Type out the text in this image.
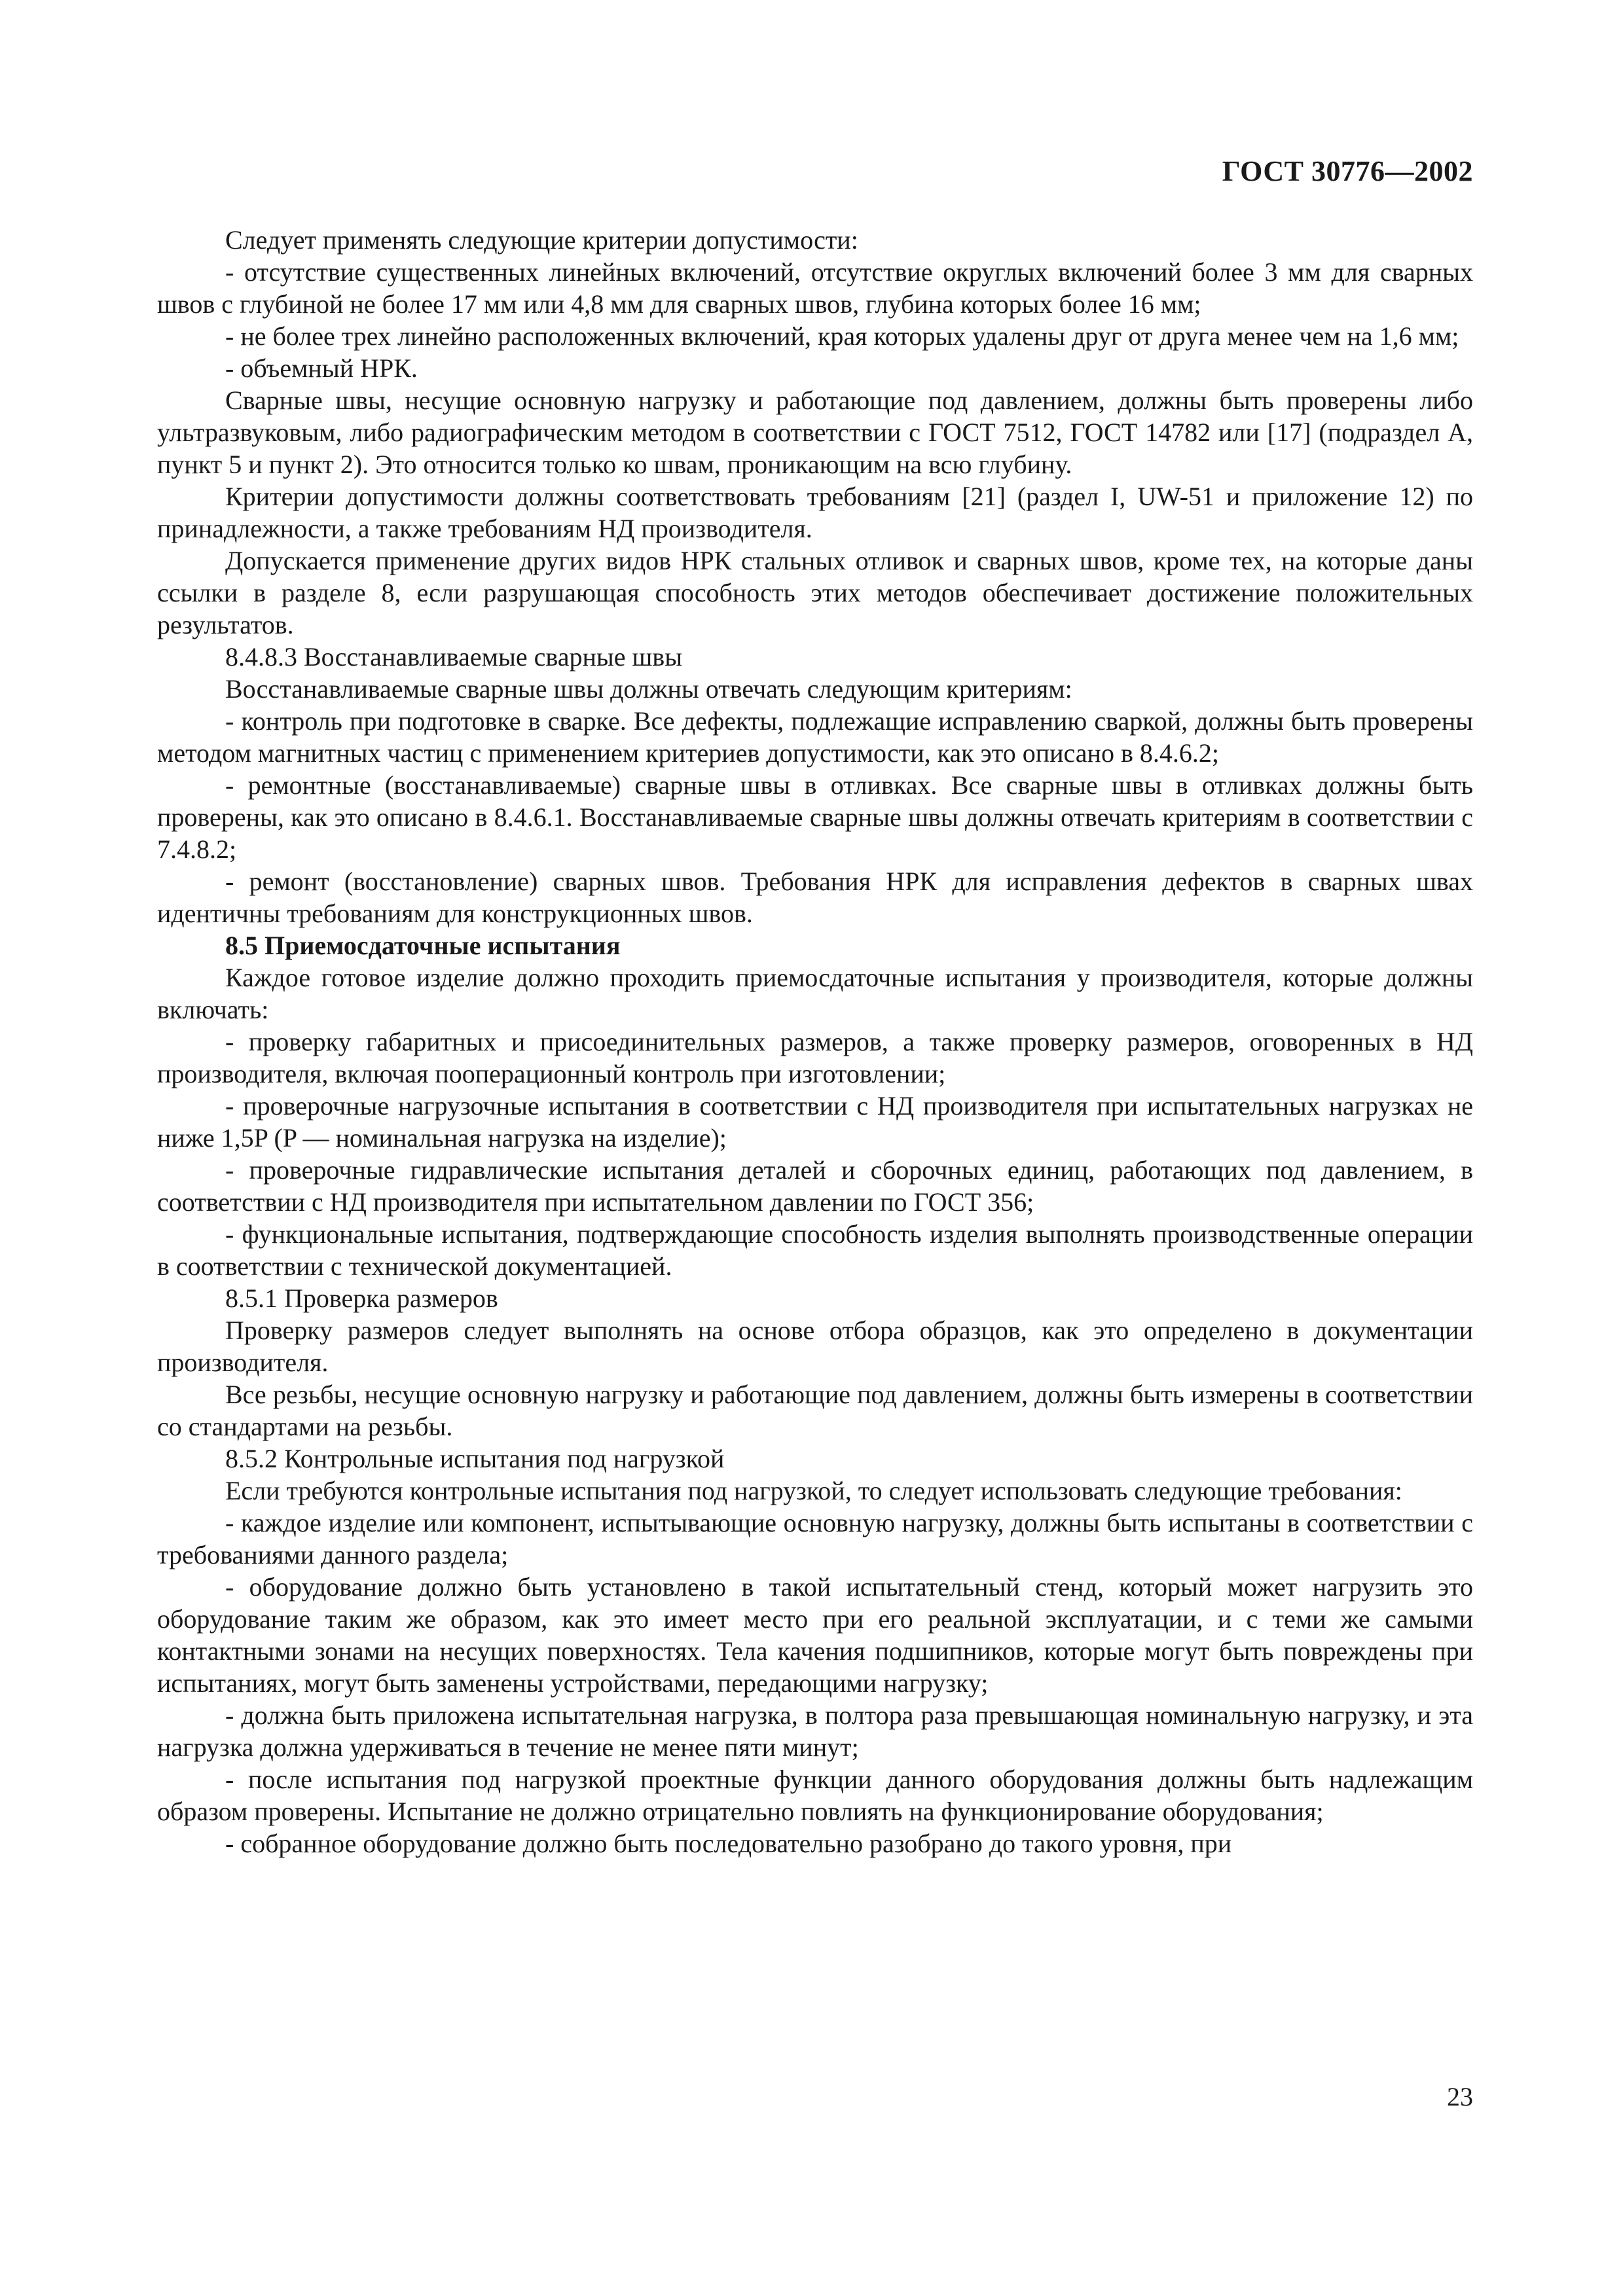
ГОСТ 30776—2002

Следует применять следующие критерии допустимости:

- отсутствие существенных линейных включений, отсутствие округлых включений более 3 мм для сварных швов с глубиной не более 17 мм или 4,8 мм для сварных швов, глубина которых более 16 мм;

- не более трех линейно расположенных включений, края которых удалены друг от друга менее чем на 1,6 мм;

- объемный НРК.

Сварные швы, несущие основную нагрузку и работающие под давлением, должны быть проверены либо ультразвуковым, либо радиографическим методом в соответствии с ГОСТ 7512, ГОСТ 14782 или [17] (подраздел А, пункт 5 и пункт 2). Это относится только ко швам, проникающим на всю глубину.

Критерии допустимости должны соответствовать требованиям [21] (раздел I, UW-51 и приложение 12) по принадлежности, а также требованиям НД производителя.

Допускается применение других видов НРК стальных отливок и сварных швов, кроме тех, на которые даны ссылки в разделе 8, если разрушающая способность этих методов обеспечивает достижение положительных результатов.

8.4.8.3 Восстанавливаемые сварные швы

Восстанавливаемые сварные швы должны отвечать следующим критериям:

- контроль при подготовке в сварке. Все дефекты, подлежащие исправлению сваркой, должны быть проверены методом магнитных частиц с применением критериев допустимости, как это описано в 8.4.6.2;

- ремонтные (восстанавливаемые) сварные швы в отливках. Все сварные швы в отливках должны быть проверены, как это описано в 8.4.6.1. Восстанавливаемые сварные швы должны отвечать критериям в соответствии с 7.4.8.2;

- ремонт (восстановление) сварных швов. Требования НРК для исправления дефектов в сварных швах идентичны требованиям для конструкционных швов.

8.5 Приемосдаточные испытания

Каждое готовое изделие должно проходить приемосдаточные испытания у производителя, которые должны включать:

- проверку габаритных и присоединительных размеров, а также проверку размеров, оговоренных в НД производителя, включая пооперационный контроль при изготовлении;

- проверочные нагрузочные испытания в соответствии с НД производителя при испытательных нагрузках не ниже 1,5P (P — номинальная нагрузка на изделие);

- проверочные гидравлические испытания деталей и сборочных единиц, работающих под давлением, в соответствии с НД производителя при испытательном давлении по ГОСТ 356;

- функциональные испытания, подтверждающие способность изделия выполнять производственные операции в соответствии с технической документацией.

8.5.1 Проверка размеров

Проверку размеров следует выполнять на основе отбора образцов, как это определено в документации производителя.

Все резьбы, несущие основную нагрузку и работающие под давлением, должны быть измерены в соответствии со стандартами на резьбы.

8.5.2 Контрольные испытания под нагрузкой

Если требуются контрольные испытания под нагрузкой, то следует использовать следующие требования:

- каждое изделие или компонент, испытывающие основную нагрузку, должны быть испытаны в соответствии с требованиями данного раздела;

- оборудование должно быть установлено в такой испытательный стенд, который может нагрузить это оборудование таким же образом, как это имеет место при его реальной эксплуатации, и с теми же самыми контактными зонами на несущих поверхностях. Тела качения подшипников, которые могут быть повреждены при испытаниях, могут быть заменены устройствами, передающими нагрузку;

- должна быть приложена испытательная нагрузка, в полтора раза превышающая номинальную нагрузку, и эта нагрузка должна удерживаться в течение не менее пяти минут;

- после испытания под нагрузкой проектные функции данного оборудования должны быть надлежащим образом проверены. Испытание не должно отрицательно повлиять на функционирование оборудования;

- собранное оборудование должно быть последовательно разобрано до такого уровня, при

23
